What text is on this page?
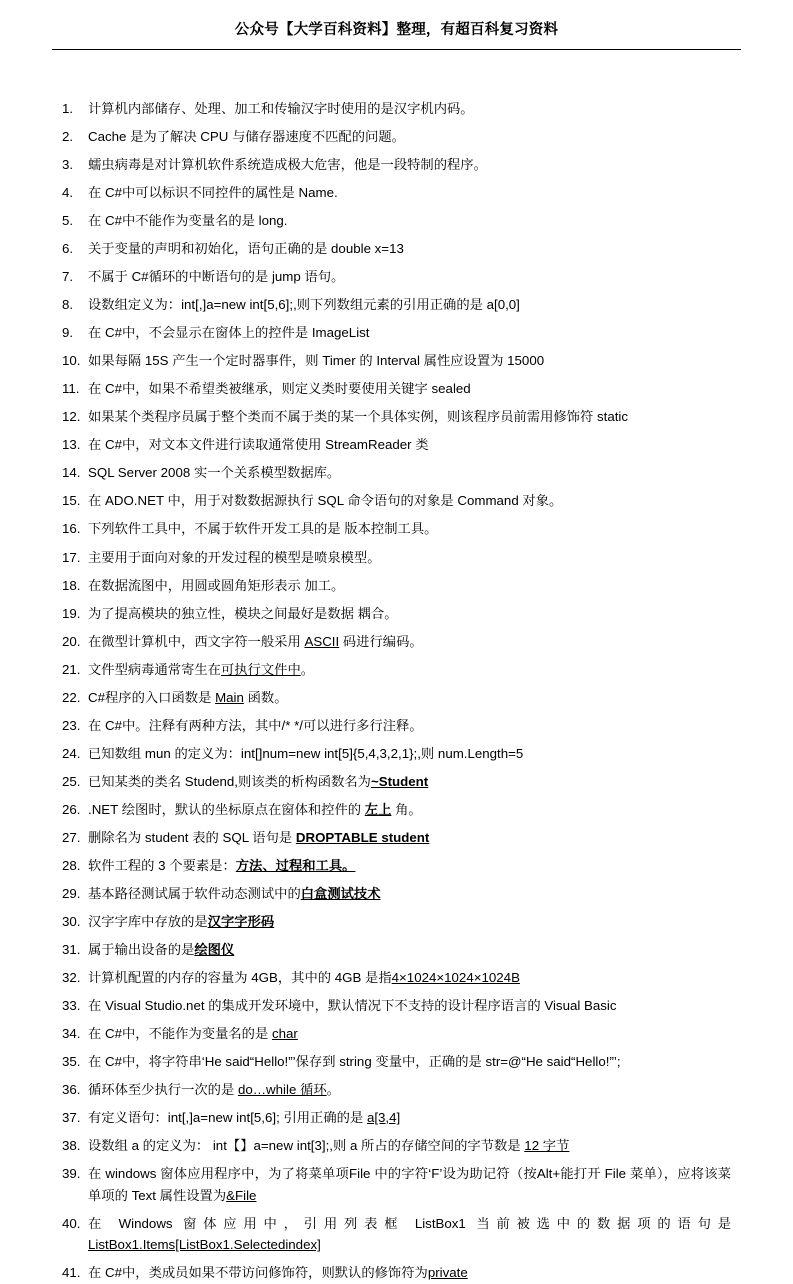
公众号【大学百科资料】整理，有超百科复习资料
1.	计算机内部储存、处理、加工和传输汉字时使用的是汉字机内码。
2.	Cache 是为了解决 CPU 与储存器速度不匹配的问题。
3.	蠕虫病毒是对计算机软件系统造成极大危害，他是一段特制的程序。
4.	在 C#中可以标识不同控件的属性是 Name.
5.	在 C#中不能作为变量名的是 long.
6.	关于变量的声明和初始化，语句正确的是 double x=13
7.	不属于 C#循环的中断语句的是 jump 语句。
8.	设数组定义为：int[,]a=new int[5,6];,则下列数组元素的引用正确的是 a[0,0]
9.	在 C#中，不会显示在窗体上的控件是 ImageList
10. 如果每隔 15S 产生一个定时器事件，则 Timer 的 Interval 属性应设置为 15000
11. 在 C#中，如果不希望类被继承，则定义类时要使用关键字 sealed
12. 如果某个类程序员属于整个类而不属于类的某一个具体实例，则该程序员前需用修饰符 static
13. 在 C#中，对文本文件进行读取通常使用 StreamReader 类
14. SQL Server 2008 实一个关系模型数据库。
15. 在 ADO.NET 中，用于对数数据源执行 SQL 命令语句的对象是 Command 对象。
16. 下列软件工具中，不属于软件开发工具的是 版本控制工具。
17. 主要用于面向对象的开发过程的模型是喷泉模型。
18. 在数据流图中，用圆或圆角矩形表示 加工。
19. 为了提高模块的独立性，模块之间最好是数据 耦合。
20. 在微型计算机中，西文字符一般采用 ASCII 码进行编码。
21. 文件型病毒通常寄生在可执行文件中。
22. C#程序的入口函数是 Main 函数。
23. 在 C#中。注释有两种方法，其中/* */可以进行多行注释。
24. 已知数组 mun 的定义为：int[]num=new int[5]{5,4,3,2,1};,则 num.Length=5
25. 已知某类的类名 Studend,则该类的析构函数名为~Student
26. .NET 绘图时，默认的坐标原点在窗体和控件的 左上 角。
27. 删除名为 student 表的 SQL 语句是 DROPTABLE student
28. 软件工程的 3 个要素是：方法、过程和工具。
29. 基本路径测试属于软件动态测试中的白盒测试技术
30. 汉字字库中存放的是汉字字形码
31. 属于输出设备的是绘图仪
32. 计算机配置的内存的容量为 4GB，其中的 4GB 是指4×1024×1024×1024B
33. 在 Visual Studio.net 的集成开发环境中，默认情况下不支持的设计程序语言的 Visual Basic
34. 在 C#中，不能作为变量名的是 char
35. 在 C#中，将字符串‘He said“Hello!”’保存到 string 变量中，正确的是 str=@“He said“Hello!”’;
36. 循环体至少执行一次的是 do…while 循环。
37. 有定义语句：int[,]a=new int[5,6]; 引用正确的是 a[3,4]
38. 设数组 a 的定义为： int【】a=new int[3];,则 a 所占的存储空间的字节数是 12 字节
39. 在 windows 窗体应用程序中，为了将菜单项File 中的字符‘F’设为助记符（按Alt+能打开 File 菜单），应将该菜单项的 Text 属性设置为&File
40. 在 Windows 窗体应用中，引用列表框 ListBox1 当前被选中的数据项的语句是 ListBox1.Items[ListBox1.Selectedindex]
41. 在 C#中，类成员如果不带访问修饰符，则默认的修饰符为private
